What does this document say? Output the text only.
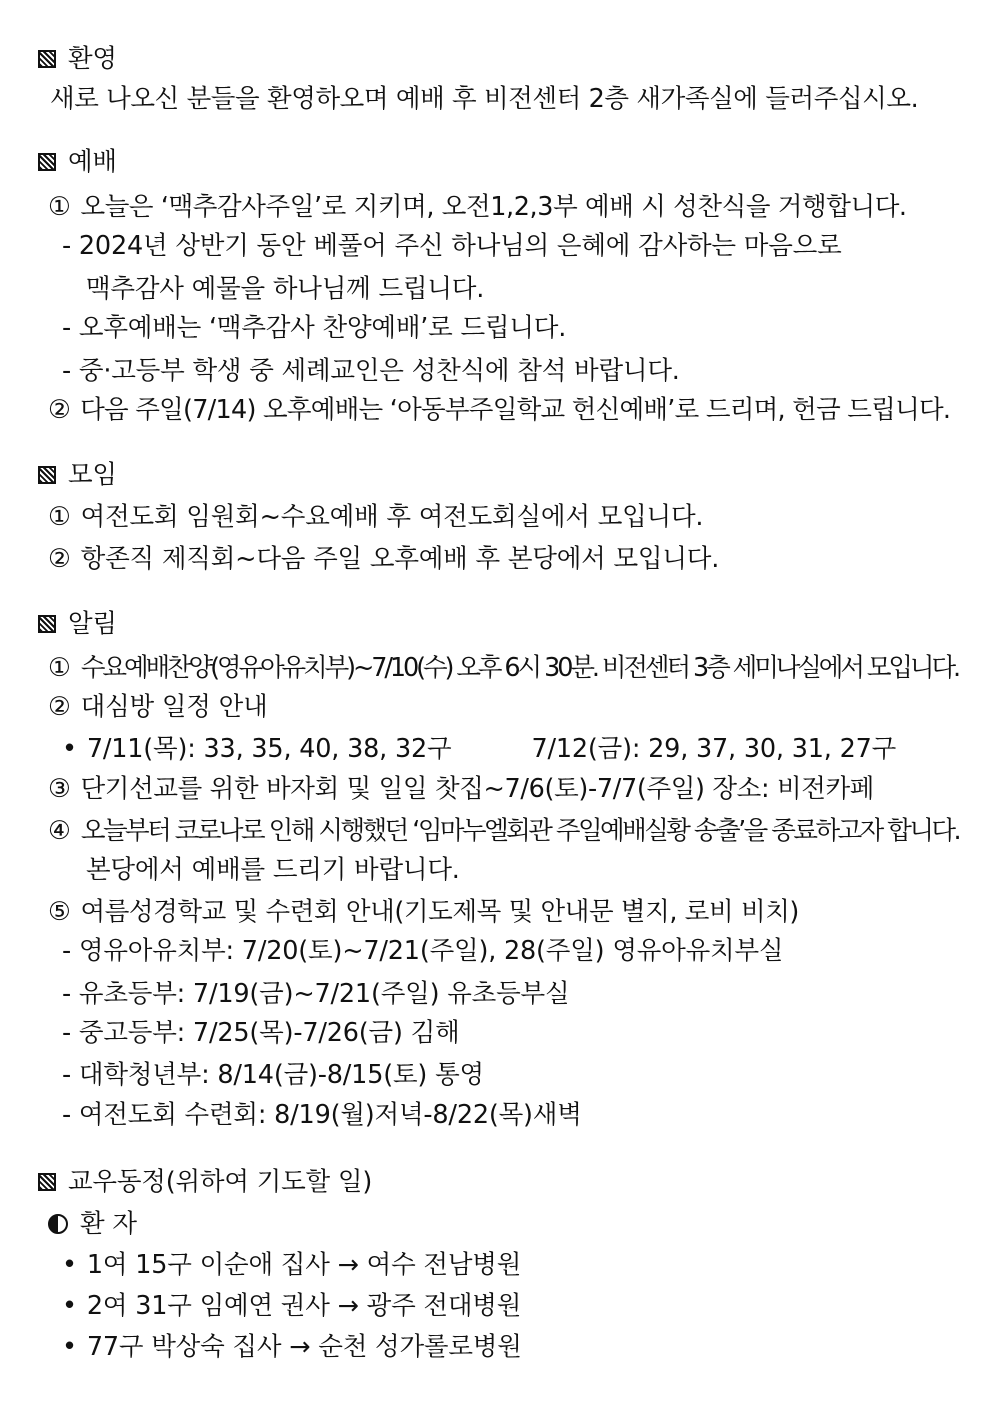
환영
새로 나오신 분들을 환영하오며 예배 후 비전센터 2층 새가족실에 들러주십시오.
예배
① 오늘은 ‘맥추감사주일’로 지키며, 오전1,2,3부 예배 시 성찬식을 거행합니다.
- 2024년 상반기 동안 베풀어 주신 하나님의 은혜에 감사하는 마음으로
맥추감사 예물을 하나님께 드립니다.
- 오후예배는 ‘맥추감사 찬양예배’로 드립니다.
- 중·고등부 학생 중 세례교인은 성찬식에 참석 바랍니다.
② 다음 주일(7/14) 오후예배는 ‘아동부주일학교 헌신예배’로 드리며, 헌금 드립니다.
모임
① 여전도회 임원회~수요예배 후 여전도회실에서 모입니다.
② 항존직 제직회~다음 주일 오후예배 후 본당에서 모입니다.
알림
① 수요예배찬양(영유아유치부)~7/10(수) 오후 6시 30분. 비전센터 3층 세미나실에서 모입니다.
② 대심방 일정 안내
• 7/11(목): 33, 35, 40, 38, 32구	7/12(금): 29, 37, 30, 31, 27구
③ 단기선교를 위한 바자회 및 일일 찻집~7/6(토)-7/7(주일) 장소: 비전카페
④ 오늘부터 코로나로 인해 시행했던 ‘임마누엘회관 주일예배실황 송출’을 종료하고자 합니다.
본당에서 예배를 드리기 바랍니다.
⑤ 여름성경학교 및 수련회 안내(기도제목 및 안내문 별지, 로비 비치)
- 영유아유치부: 7/20(토)~7/21(주일), 28(주일) 영유아유치부실
- 유초등부: 7/19(금)~7/21(주일) 유초등부실
- 중고등부: 7/25(목)-7/26(금) 김해
- 대학청년부: 8/14(금)-8/15(토) 통영
- 여전도회 수련회: 8/19(월)저녁-8/22(목)새벽
교우동정(위하여 기도할 일)
환 자
• 1여 15구 이순애 집사 → 여수 전남병원
• 2여 31구 임예연 권사 → 광주 전대병원
• 77구 박상숙 집사 → 순천 성가롤로병원
